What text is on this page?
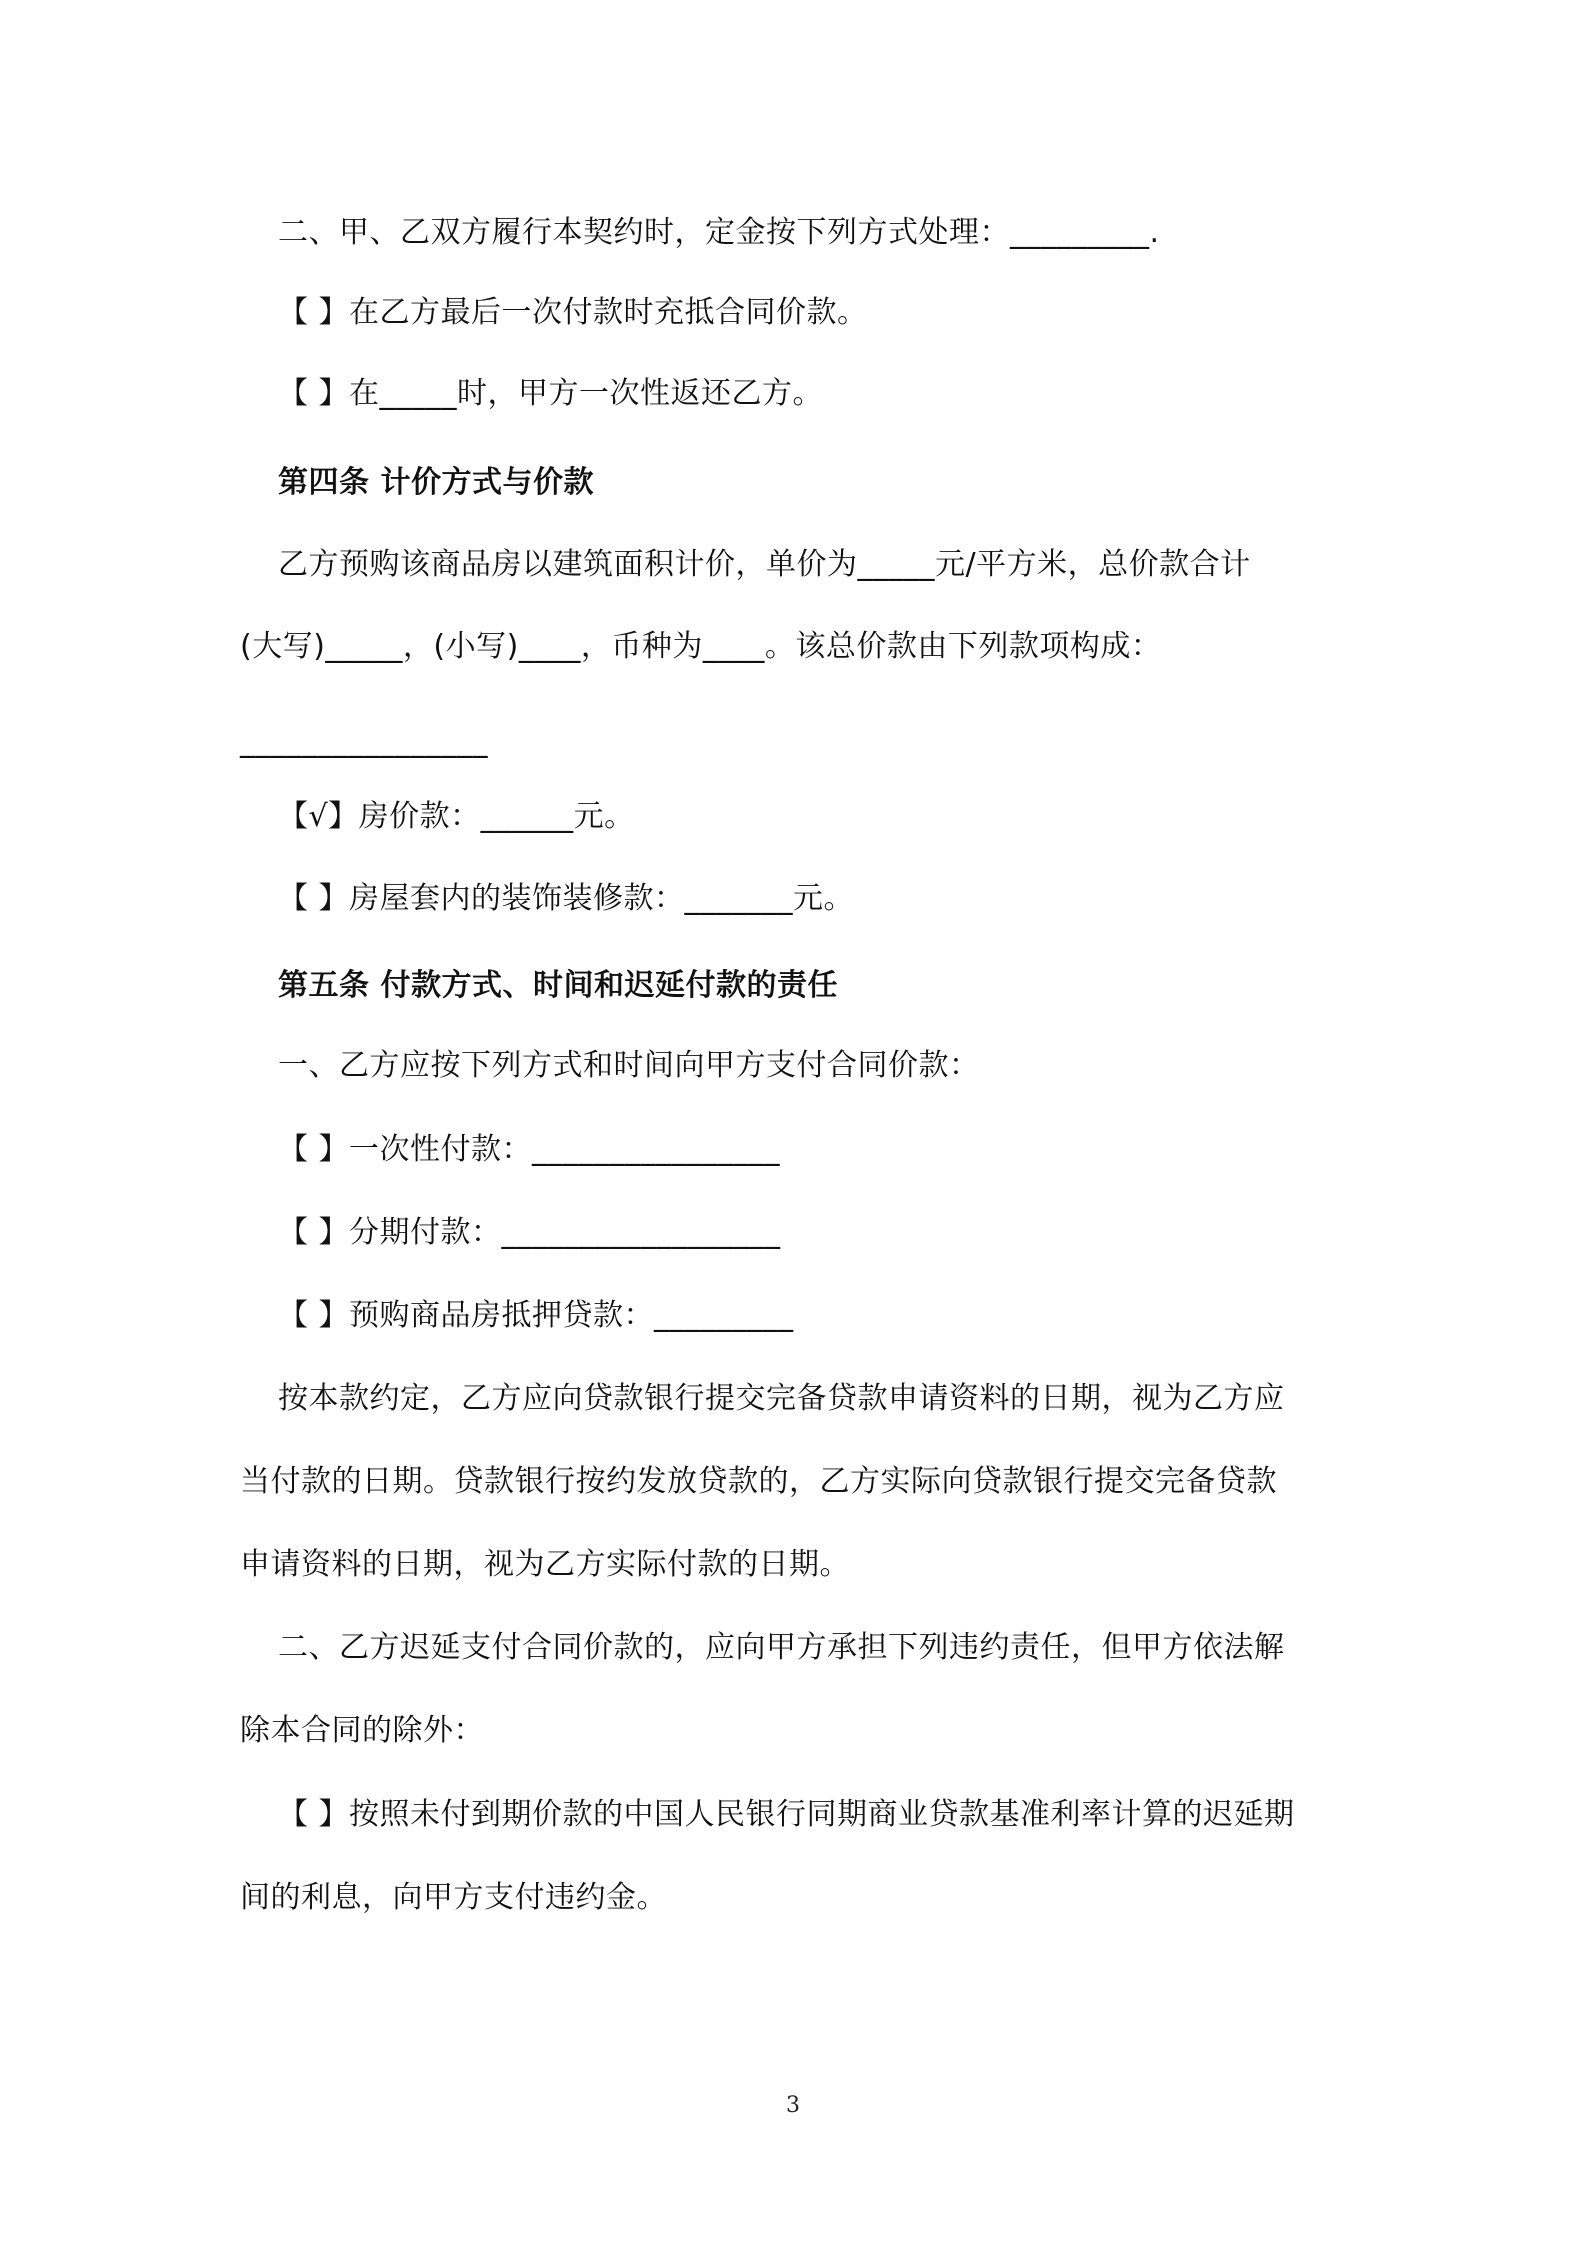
二、甲、乙双方履行本契约时，定金按下列方式处理：_________.
【 】在乙方最后一次付款时充抵合同价款。
【 】在_____时，甲方一次性返还乙方。
第四条 计价方式与价款
乙方预购该商品房以建筑面积计价，单价为_____元/平方米，总价款合计
(大写)_____，(小写)____，币种为____。该总价款由下列款项构成：
________________
【√】房价款：______元。
【 】房屋套内的装饰装修款：_______元。
第五条 付款方式、时间和迟延付款的责任
一、乙方应按下列方式和时间向甲方支付合同价款：
【 】一次性付款：________________
【 】分期付款：__________________
【 】预购商品房抵押贷款：_________
按本款约定，乙方应向贷款银行提交完备贷款申请资料的日期，视为乙方应
当付款的日期。贷款银行按约发放贷款的，乙方实际向贷款银行提交完备贷款
申请资料的日期，视为乙方实际付款的日期。
二、乙方迟延支付合同价款的，应向甲方承担下列违约责任，但甲方依法解
除本合同的除外：
【 】按照未付到期价款的中国人民银行同期商业贷款基准利率计算的迟延期
间的利息，向甲方支付违约金。
3
